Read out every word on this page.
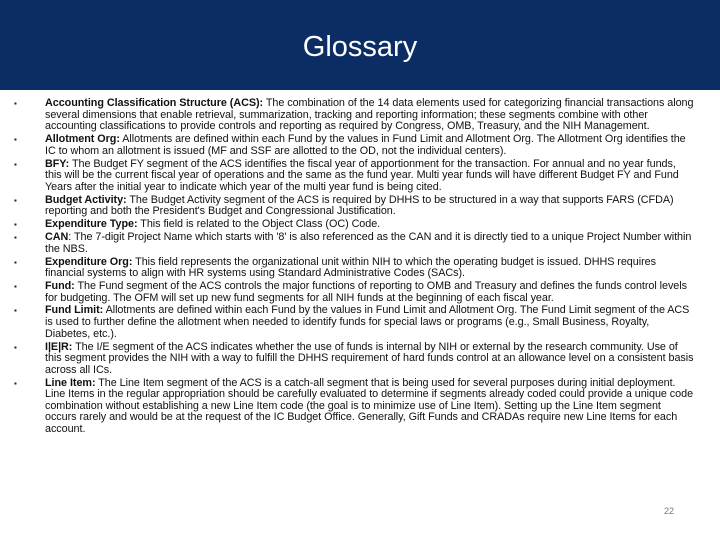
Glossary
▪	Accounting Classification Structure (ACS): The combination of the 14 data elements used for categorizing financial transactions along several dimensions that enable retrieval, summarization, tracking and reporting information; these segments combine with other accounting classifications to provide controls and reporting as required by Congress, OMB, Treasury, and the NIH Management.
▪	Allotment Org: Allotments are defined within each Fund by the values in Fund Limit and Allotment Org. The Allotment Org identifies the IC to whom an allotment is issued (MF and SSF are allotted to the OD, not the individual centers).
▪	BFY: The Budget FY segment of the ACS identifies the fiscal year of apportionment for the transaction. For annual and no year funds, this will be the current fiscal year of operations and the same as the fund year. Multi year funds will have different Budget FY and Fund Years after the initial year to indicate which year of the multi year fund is being cited.
▪	Budget Activity: The Budget Activity segment of the ACS is required by DHHS to be structured in a way that supports FARS (CFDA) reporting and both the President's Budget and Congressional Justification.
▪	Expenditure Type: This field is related to the Object Class (OC) Code.
▪	CAN: The 7-digit Project Name which starts with '8' is also referenced as the CAN and it is directly tied to a unique Project Number within the NBS.
▪	Expenditure Org: This field represents the organizational unit within NIH to which the operating budget is issued. DHHS requires financial systems to align with HR systems using Standard Administrative Codes (SACs).
▪	Fund: The Fund segment of the ACS controls the major functions of reporting to OMB and Treasury and defines the funds control levels for budgeting. The OFM will set up new fund segments for all NIH funds at the beginning of each fiscal year.
▪	Fund Limit: Allotments are defined within each Fund by the values in Fund Limit and Allotment Org. The Fund Limit segment of the ACS is used to further define the allotment when needed to identify funds for special laws or programs (e.g., Small Business, Royalty, Diabetes, etc.).
▪	I|E|R: The I/E segment of the ACS indicates whether the use of funds is internal by NIH or external by the research community. Use of this segment provides the NIH with a way to fulfill the DHHS requirement of hard funds control at an allowance level on a consistent basis across all ICs.
▪	Line Item: The Line Item segment of the ACS is a catch-all segment that is being used for several purposes during initial deployment. Line Items in the regular appropriation should be carefully evaluated to determine if segments already coded could provide a unique code combination without establishing a new Line Item code (the goal is to minimize use of Line Item). Setting up the Line Item segment occurs rarely and would be at the request of the IC Budget Office. Generally, Gift Funds and CRADAs require new Line Items for each account.
22
